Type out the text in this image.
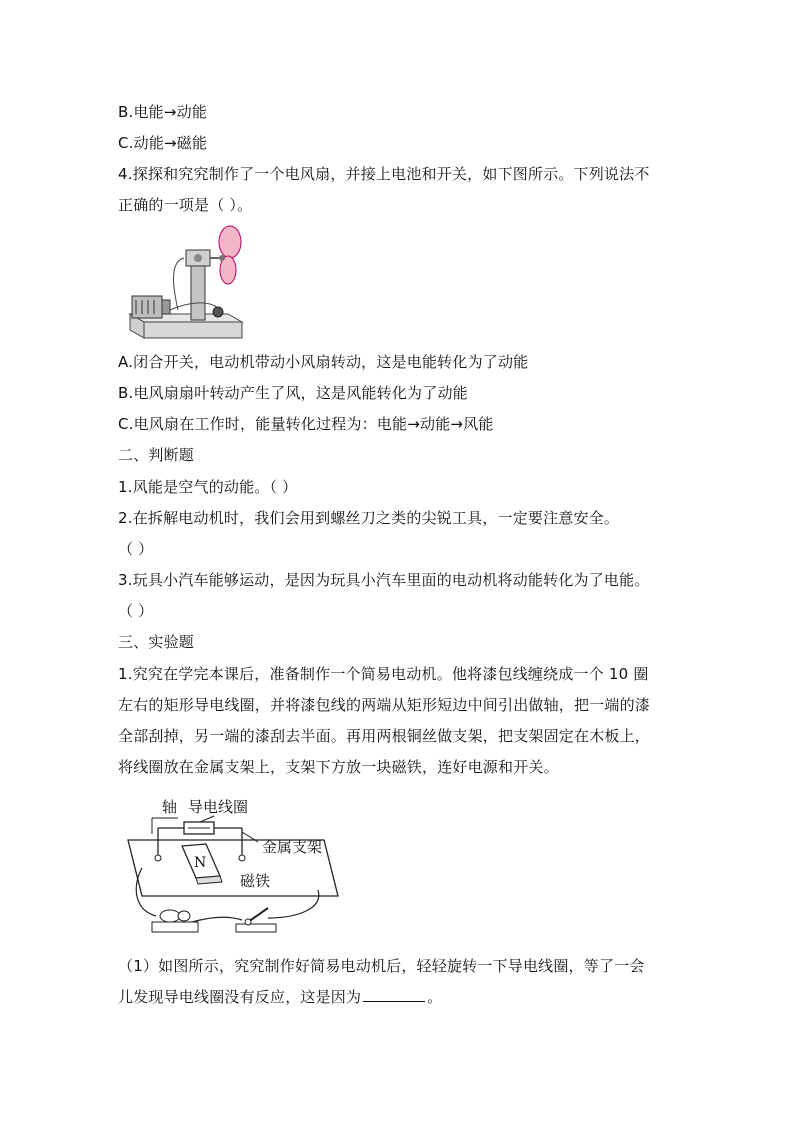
B.电能→动能
C.动能→磁能
4.探探和究究制作了一个电风扇，并接上电池和开关，如下图所示。下列说法不
正确的一项是（ ）。
A.闭合开关，电动机带动小风扇转动，这是电能转化为了动能
B.电风扇扇叶转动产生了风，这是风能转化为了动能
C.电风扇在工作时，能量转化过程为：电能→动能→风能
二、判断题
1.风能是空气的动能。（ ）
2.在拆解电动机时，我们会用到螺丝刀之类的尖锐工具，一定要注意安全。
（ ）
3.玩具小汽车能够运动，是因为玩具小汽车里面的电动机将动能转化为了电能。
（ ）
三、实验题
1.究究在学完本课后，准备制作一个简易电动机。他将漆包线缠绕成一个 10 圈
左右的矩形导电线圈，并将漆包线的两端从矩形短边中间引出做轴，把一端的漆
全部刮掉，另一端的漆刮去半面。再用两根铜丝做支架，把支架固定在木板上，
将线圈放在金属支架上，支架下方放一块磁铁，连好电源和开关。
N
轴 导电线圈
金属支架
磁铁
（1）如图所示，究究制作好简易电动机后，轻轻旋转一下导电线圈，等了一会
儿发现导电线圈没有反应，这是因为	。
